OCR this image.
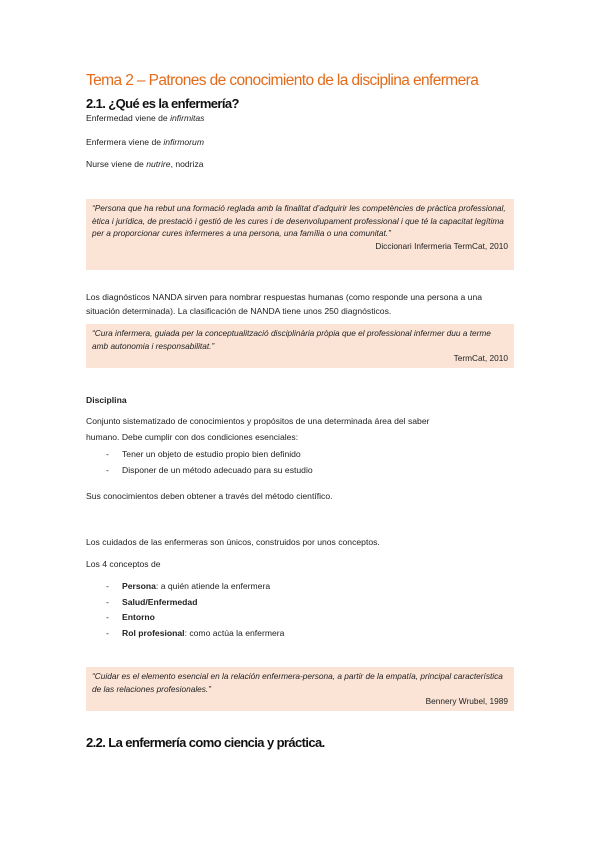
Tema 2 – Patrones de conocimiento de la disciplina enfermera
2.1. ¿Qué es la enfermería?
Enfermedad viene de infirmitas
Enfermera viene de infirmorum
Nurse viene de nutrire, nodriza
“Persona que ha rebut una formació reglada amb la finalitat d’adquirir les competències de pràctica professional, ètica i jurídica, de prestació i gestió de les cures i de desenvolupament professional i que té la capacitat legítima per a proporcionar cures infermeres a una persona, una família o una comunitat.”
Diccionari Infermeria TermCat, 2010
Los diagnósticos NANDA sirven para nombrar respuestas humanas (como responde una persona a una situación determinada). La clasificación de NANDA tiene unos 250 diagnósticos.
“Cura infermera, guiada per la conceptualització disciplinària pròpia que el professional infermer duu a terme amb autonomia i responsabilitat.”
TermCat, 2010
Disciplina
Conjunto sistematizado de conocimientos y propósitos de una determinada área del saber
humano. Debe cumplir con dos condiciones esenciales:
-	Tener un objeto de estudio propio bien definido
-	Disponer de un método adecuado para su estudio
Sus conocimientos deben obtener a través del método científico.
Los cuidados de las enfermeras son únicos, construidos por unos conceptos.
Los 4 conceptos de
-	Persona : a quién atiende la enfermera
-	Salud/Enfermedad
-	Entorno
-	Rol profesional : como actúa la enfermera
“Cuidar es el elemento esencial en la relación enfermera-persona, a partir de la empatía, principal característica de las relaciones profesionales.”
Bennery Wrubel, 1989
2.2. La enfermería como ciencia y práctica.
